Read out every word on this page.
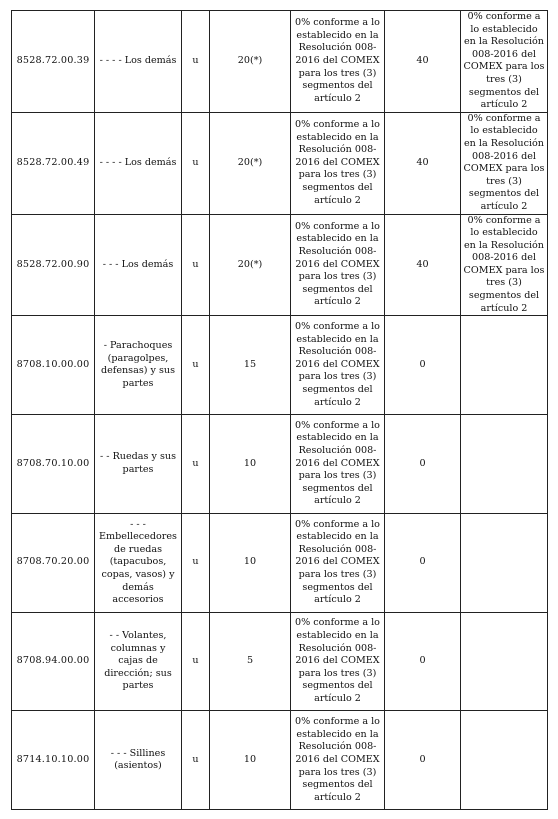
8528.72.00.39	- - - - Los demás	u	20(*)	0% conforme a lo establecido en la Resolución 008-2016 del COMEX para los tres (3) segmentos del artículo 2	40	0% conforme a lo establecido en la Resolución 008-2016 del COMEX para los tres (3) segmentos del artículo 2
8528.72.00.49	- - - - Los demás	u	20(*)	0% conforme a lo establecido en la Resolución 008-2016 del COMEX para los tres (3) segmentos del artículo 2	40	0% conforme a lo establecido en la Resolución 008-2016 del COMEX para los tres (3) segmentos del artículo 2
8528.72.00.90	- - - Los demás	u	20(*)	0% conforme a lo establecido en la Resolución 008-2016 del COMEX para los tres (3) segmentos del artículo 2	40	0% conforme a lo establecido en la Resolución 008-2016 del COMEX para los tres (3) segmentos del artículo 2
8708.10.00.00	- Parachoques (paragolpes, defensas) y sus partes	u	15	0% conforme a lo establecido en la Resolución 008-2016 del COMEX para los tres (3) segmentos del artículo 2	0	
8708.70.10.00	- - Ruedas y sus partes	u	10	0% conforme a lo establecido en la Resolución 008-2016 del COMEX para los tres (3) segmentos del artículo 2	0	
8708.70.20.00	- - - Embellecedores de ruedas (tapacubos, copas, vasos) y demás accesorios	u	10	0% conforme a lo establecido en la Resolución 008-2016 del COMEX para los tres (3) segmentos del artículo 2	0	
8708.94.00.00	- - Volantes, columnas y cajas de dirección; sus partes	u	5	0% conforme a lo establecido en la Resolución 008-2016 del COMEX para los tres (3) segmentos del artículo 2	0	
8714.10.10.00	- - - Sillines (asientos)	u	10	0% conforme a lo establecido en la Resolución 008-2016 del COMEX para los tres (3) segmentos del artículo 2	0	
